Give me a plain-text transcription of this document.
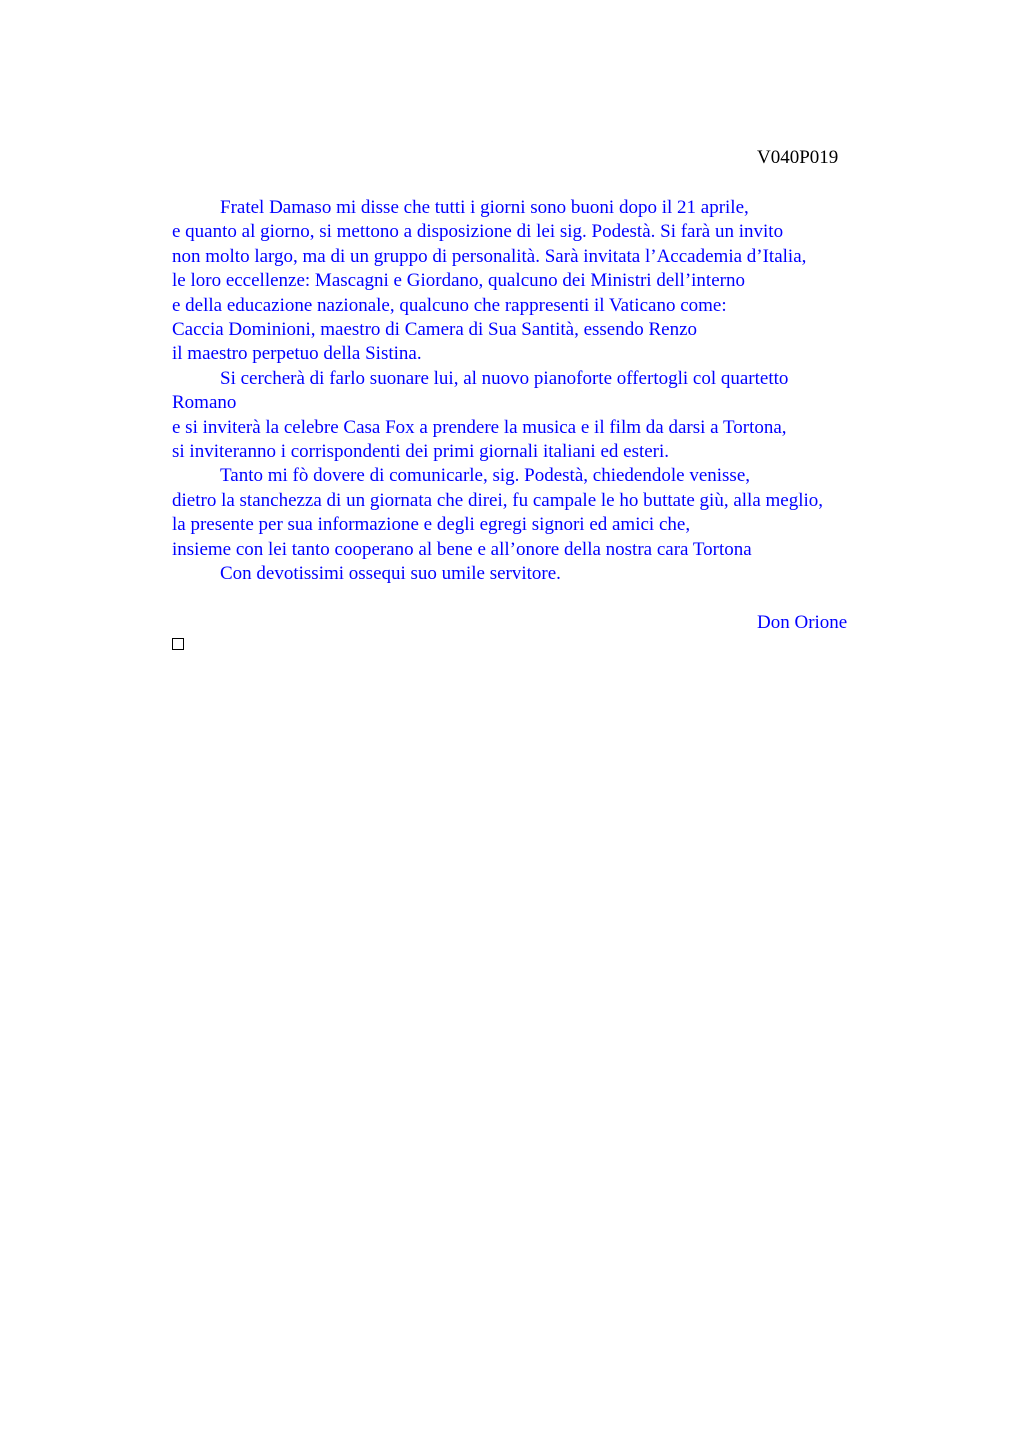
V040P019
Fratel Damaso mi disse che tutti i giorni sono buoni dopo il 21 aprile,
e quanto al giorno, si mettono a disposizione di lei sig. Podestà. Si farà un invito
non molto largo, ma di un gruppo di personalità. Sarà invitata l’Accademia d’Italia,
le loro eccellenze: Mascagni e Giordano, qualcuno dei Ministri dell’interno
e della educazione nazionale, qualcuno che rappresenti il Vaticano come:
Caccia Dominioni, maestro di Camera di Sua Santità, essendo Renzo
il maestro perpetuo della Sistina.
Si cercherà di farlo suonare lui, al nuovo pianoforte offertogli col quartetto
Romano
e si inviterà la celebre Casa Fox a prendere la musica e il film da darsi a Tortona,
si inviteranno i corrispondenti dei primi giornali italiani ed esteri.
Tanto mi fò dovere di comunicarle, sig. Podestà, chiedendole venisse,
dietro la stanchezza di un giornata che direi, fu campale le ho buttate giù, alla meglio,
la presente per sua informazione e degli egregi signori ed amici che,
insieme con lei tanto cooperano al bene e all’onore della nostra cara Tortona
Con devotissimi ossequi suo umile servitore.
Don Orione
